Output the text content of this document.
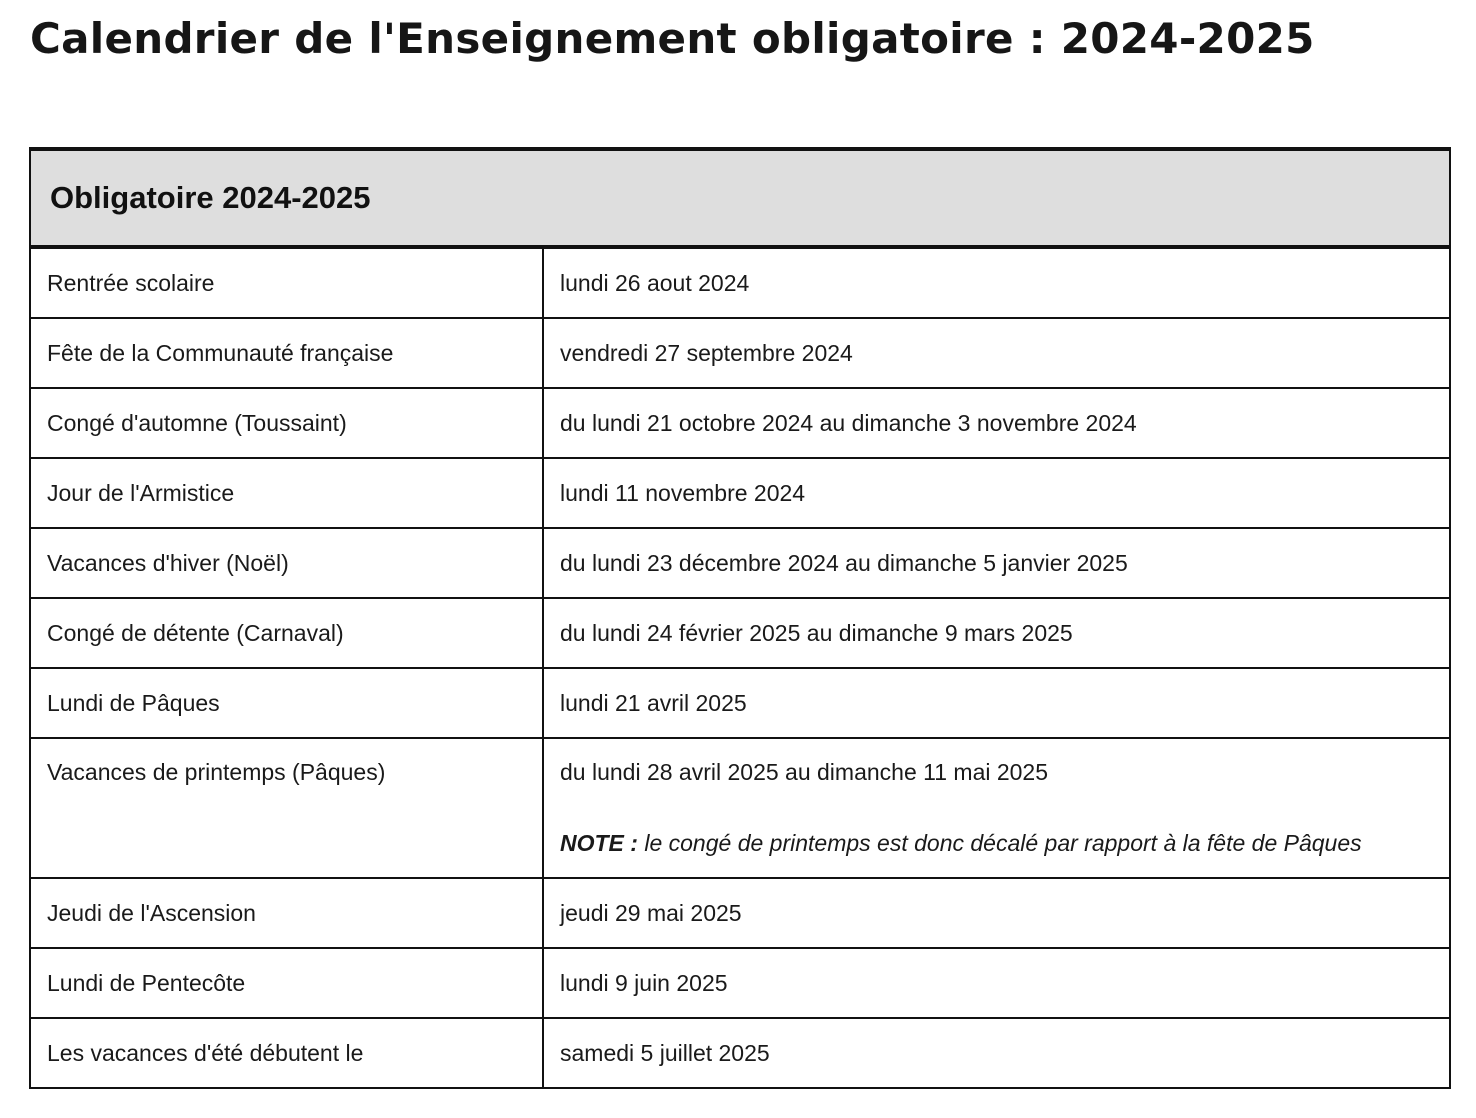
Calendrier de l'Enseignement obligatoire : 2024-2025
Obligatoire 2024-2025	
Rentrée scolaire	lundi 26 aout 2024
Fête de la Communauté française	vendredi 27 septembre 2024
Congé d'automne (Toussaint)	du lundi 21 octobre 2024 au dimanche 3 novembre 2024
Jour de l'Armistice	lundi 11 novembre 2024
Vacances d'hiver (Noël)	du lundi 23 décembre 2024 au dimanche 5 janvier 2025
Congé de détente (Carnaval)	du lundi 24 février 2025 au dimanche 9 mars 2025
Lundi de Pâques	lundi 21 avril 2025
Vacances de printemps (Pâques)	du lundi 28 avril 2025 au dimanche 11 mai 2025
NOTE : le congé de printemps est donc décalé par rapport à la fête de Pâques

Jeudi de l'Ascension	jeudi 29 mai 2025
Lundi de Pentecôte	lundi 9 juin 2025
Les vacances d'été débutent le	samedi 5 juillet 2025
